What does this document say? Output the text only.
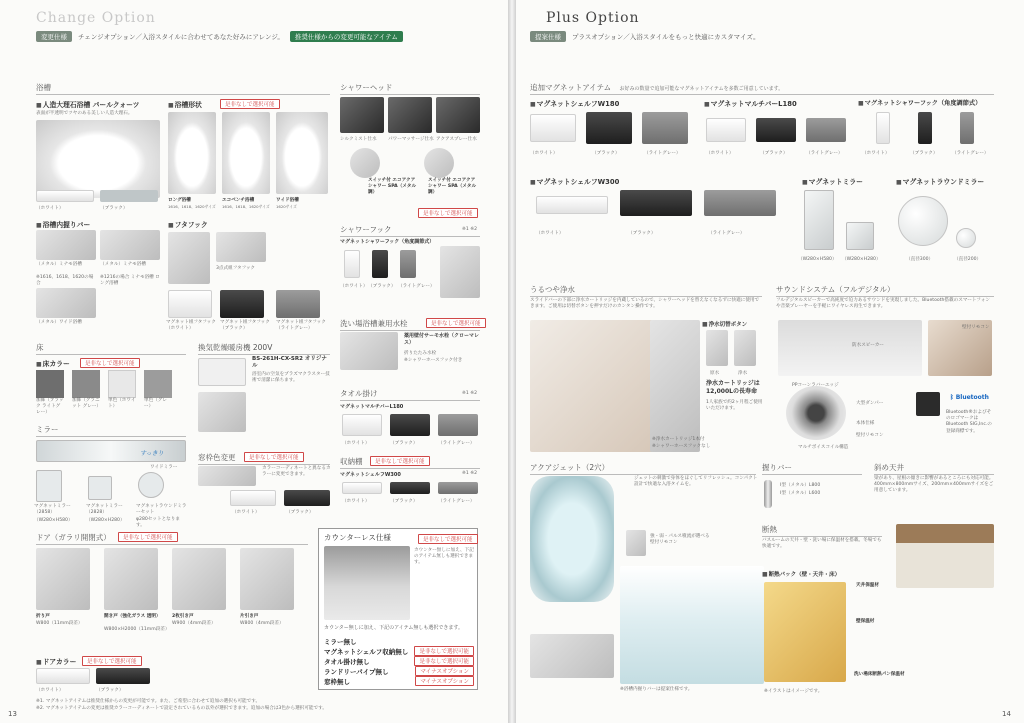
Change Option
変更仕様	チェンジオプション／入浴スタイルに合わせてあなた好みにアレンジ。	推奨仕様からの変更可能なアイテム
浴槽
■ 人造大理石浴槽 パールクォーツ
表面が半透明でツヤのある美しい人造大理石。
（ホワイト）	（ブラック）
■ 浴槽形状	是非なしで選択可能
ロング浴槽	エコベンチ浴槽	ワイド浴槽
1616、1618、1620サイズ 1616、1618、1620サイズ 1620サイズ
■ 浴槽内握りバー
（メタル）ミナモ浴槽
※1616、1618、1620の場合
（メタル）ミナモ浴槽
※1216の場合 ミナモ浴槽 ロング浴槽
（メタル）ワイド浴槽
■ フタフック
3点式組フタフック
マグネット組フタフック（ホワイト）
マグネット組フタフック（ブラック）
マグネット組フタフック（ライトグレー）
床
■ 床カラー	是非なしで選択可能
加飾（ブラック ライトグレー）
加飾（グラニット グレー）
単色（ホワイト）
単色（グレー）
換気乾燥暖房機 200V
BS-261H-CX-SR2 オリジナル
浴室内の空気をプラズマクラスター技術で清潔に保ちます。
ミラー
すっきり
ワイドミラー
マグネットミラー（2858）
（W280×H580）
マグネットミラー（2828）
（W280×H280）
マグネットラウンドミラーセット
φ280セットとなります。
窓枠色変更	是非なしで選択可能
カラーコーディネートと異なるカラーに変更できます。
（ホワイト）	（ブラック）
ドア（ガラリ開閉式）	是非なしで選択可能
折り戸
W800（11mm段差）
開き戸（強化ガラス 透明）
W800×H2000（11mm段差）
2枚引き戸
W900（4mm段差）
片引き戸
W800（4mm段差）
■ ドアカラー	是非なしで選択可能
（ホワイト）	（ブラック）
シャワーヘッド
シルクミスト仕水 パワーマッサージ仕水 アクアスプレー仕水
スイッチ付 エコアクアシャワー SPA（メタル調）
スイッチ付 エコアクアシャワー SPA（メタル調）
是非なしで選択可能
シャワーフック	※1 ※2
マグネットシャワーフック（角度調節式）
（ホワイト） （ブラック） （ライトグレー）
洗い場浴槽兼用水栓	是非なしで選択可能
薬用壁付サーモ水栓（クローマレス）
折りたたみ水栓
※シャワーホースフック付き
タオル掛け	※1 ※2
マグネットマルチバーL180
（ホワイト）	（ブラック）	（ライトグレー）
収納棚	是非なしで選択可能
マグネットシェルフW300	※1 ※2
（ホワイト）	（ブラック）	（ライトグレー）
カウンターレス仕様	是非なしで選択可能
カウンター無しに加え、下記のアイテム無しも選択できます。
カウンター無しに加え、下記のアイテム無しも選択できます。
ミラー無し
マグネットシェルフ収納無し	是非なしで選択可能
タオル掛け無し	是非なしで選択可能
ランドリーパイプ無し	マイナスオプション
窓枠無し	マイナスオプション
※1. マグネットアイテムは推奨仕様からの変更が可能です。また、ご希望に合わせて追加の選択も可能です。
※2. マグネットアイテムの変更は推奨カラーコーディネートで設定されているもの以外が選択できます。追加の場合は3色から選択可能です。
13
Plus Option
提案仕様	プラスオプション／入浴スタイルをもっと快適にカスタマイズ。
追加マグネットアイテム お好みの数量で追加可能なマグネットアイテムを多数ご用意しています。
■ マグネットシェルフW180
（ホワイト）	（ブラック）	（ライトグレー）
■ マグネットマルチバーL180
（ホワイト）	（ブラック）	（ライトグレー）
■ マグネットシャワーフック（角度調節式）
（ホワイト）	（ブラック）	（ライトグレー）
■ マグネットシェルフW300
（ホワイト）	（ブラック）	（ライトグレー）
■ マグネットミラー
（W280×H580） （W280×H280）
■ マグネットラウンドミラー
（直径300）	（直径200）
うるつや浄水
スライドバーの下部に浄水カートリッジを内蔵しているので、シャワーヘッドを替えなくなるずに快適に使用できます。ご使用は切替ボタンを押すだけのカンタン操作です。
■ 浄水切替ボタン
原水	浄水
浄水カートリッジは 12,000Lの長寿命
1人家族で約2ヶ月程ご使用いただけます。
※浄水カートリッジ1本付
※シャワーホースフックなし
サウンドシステム（フルデジタル）
フルデジタルスピーカーで高純度で迫力あるサウンドを実現しました。Bluetooth搭載のスマートフォンや音楽プレーヤーを手軽にワイヤレス再生できます。
防水スピーカー
壁付リモコン
PPコーンラバーエッジ
マルチボイスコイル構造
大型ダンパー
本体仕様
壁付リモコン
ᛒ Bluetooth
Bluetooth®およびそのロゴマークは Bluetooth SIG,Inc.の登録商標です。
アクアジェット（2穴）
ジェットの刺激で身体をほぐしてリフレッシュ。コンパクト設計で快適な入浴タイムを。
強・弱・パルス噴流が選べる壁付リモコン
※浴槽内握りバーは提案仕様です。
握りバー
I型（メタル）L800
I型（メタル）L600
斜め天井
梁があり、屋根の傾きに影響があるところにも対応可能。400mm×800mmサイズ、200mm×400mmサイズをご用意しています。
断熱
バスルームの天井・壁・洗い場に保温材を搭載。冬場でも快適です。
■ 断熱パック（壁・天井・床）
天井保温材
壁保温材
洗い場床断熱パン保温材
※イラストはイメージです。
14
